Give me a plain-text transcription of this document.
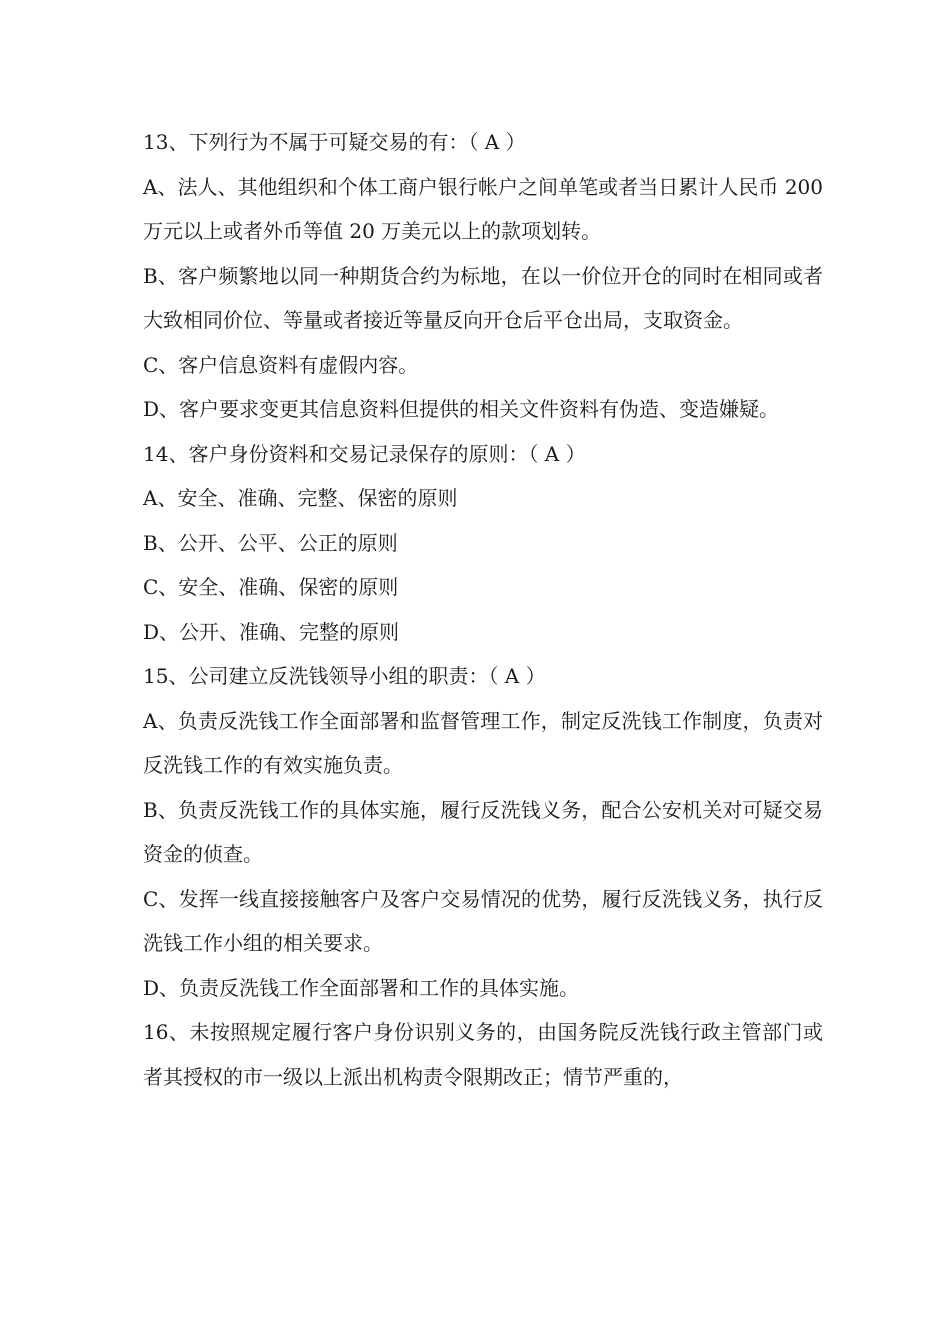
13、下列行为不属于可疑交易的有：（ A ）

A、法人、其他组织和个体工商户银行帐户之间单笔或者当日累计人民币 200 万元以上或者外币等值 20 万美元以上的款项划转。

B、客户频繁地以同一种期货合约为标地，在以一价位开仓的同时在相同或者大致相同价位、等量或者接近等量反向开仓后平仓出局，支取资金。

C、客户信息资料有虚假内容。

D、客户要求变更其信息资料但提供的相关文件资料有伪造、变造嫌疑。

14、客户身份资料和交易记录保存的原则：（ A ）

A、安全、准确、完整、保密的原则

B、公开、公平、公正的原则

C、安全、准确、保密的原则

D、公开、准确、完整的原则

15、公司建立反洗钱领导小组的职责：（ A ）

A、负责反洗钱工作全面部署和监督管理工作，制定反洗钱工作制度，负责对反洗钱工作的有效实施负责。

B、负责反洗钱工作的具体实施，履行反洗钱义务，配合公安机关对可疑交易资金的侦查。

C、发挥一线直接接触客户及客户交易情况的优势，履行反洗钱义务，执行反洗钱工作小组的相关要求。

D、负责反洗钱工作全面部署和工作的具体实施。

16、未按照规定履行客户身份识别义务的，由国务院反洗钱行政主管部门或者其授权的市一级以上派出机构责令限期改正；情节严重的，
